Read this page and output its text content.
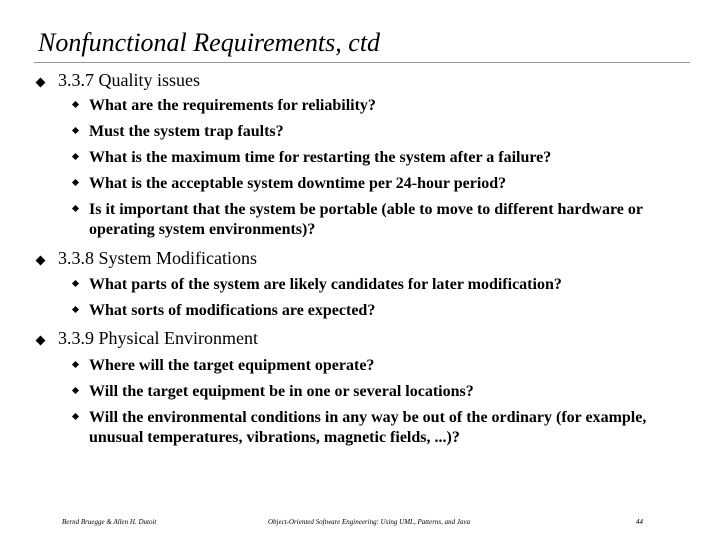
Nonfunctional Requirements, ctd
3.3.7 Quality issues
What are the requirements for reliability?
Must the system trap faults?
What is the maximum time for restarting the system after a failure?
What is the acceptable system downtime per 24-hour period?
Is it important that the system be portable (able to move to different hardware or operating system environments)?
3.3.8 System Modifications
What parts of the system are likely candidates for later modification?
What sorts of modifications are expected?
3.3.9 Physical Environment
Where will the target equipment operate?
Will the target equipment be in one or several locations?
Will the environmental conditions in any way be out of the ordinary (for example, unusual temperatures, vibrations, magnetic fields, ...)?
Bernd Bruegge & Allen H. Dutoit	Object-Oriented Software Engineering: Using UML, Patterns, and Java	44
